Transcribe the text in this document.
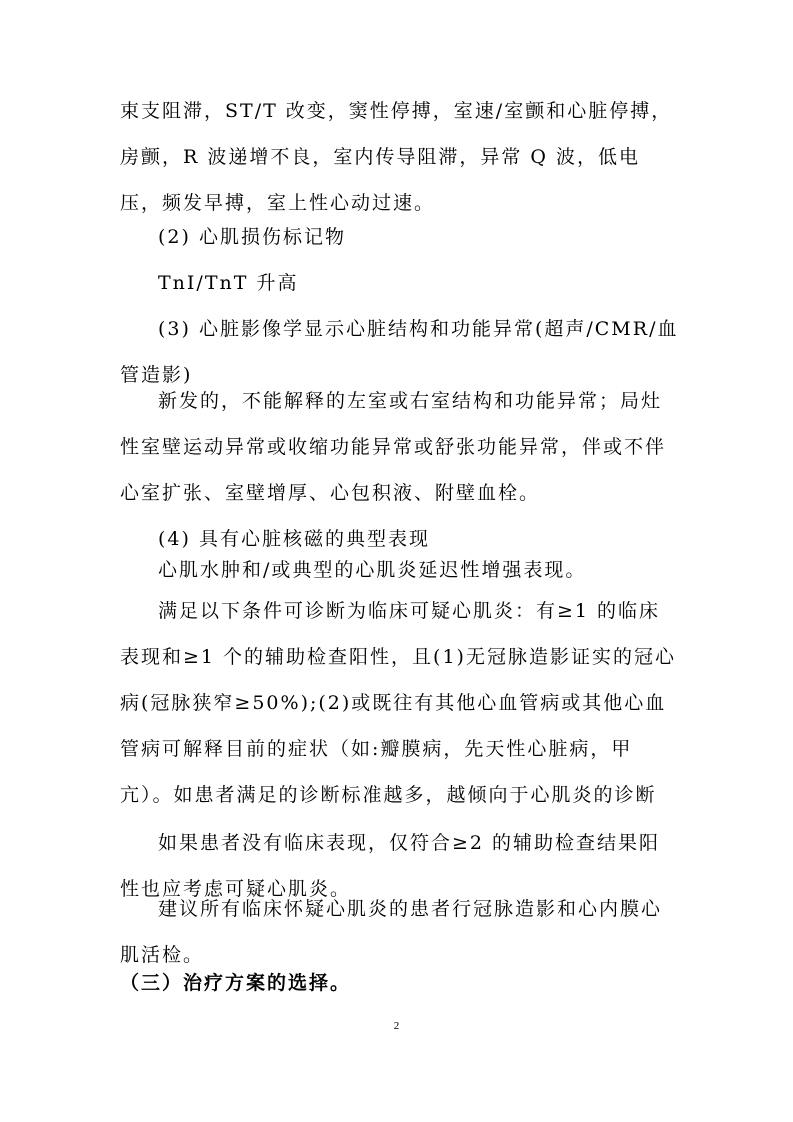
束支阻滞，ST/T 改变，窦性停搏，室速/室颤和心脏停搏，房颤，R 波递增不良，室内传导阻滞，异常 Q 波，低电压，频发早搏，室上性心动过速。

(2) 心肌损伤标记物

TnI/TnT 升高

(3) 心脏影像学显示心脏结构和功能异常(超声/CMR/血管造影)

新发的，不能解释的左室或右室结构和功能异常；局灶性室壁运动异常或收缩功能异常或舒张功能异常，伴或不伴心室扩张、室壁增厚、心包积液、附壁血栓。

(4) 具有心脏核磁的典型表现

心肌水肿和/或典型的心肌炎延迟性增强表现。

满足以下条件可诊断为临床可疑心肌炎：有≥1 的临床表现和≥1 个的辅助检查阳性，且(1)无冠脉造影证实的冠心病(冠脉狭窄≥50%);(2)或既往有其他心血管病或其他心血管病可解释目前的症状（如:瓣膜病，先天性心脏病，甲亢）。如患者满足的诊断标准越多，越倾向于心肌炎的诊断

如果患者没有临床表现，仅符合≥2 的辅助检查结果阳性也应考虑可疑心肌炎。

建议所有临床怀疑心肌炎的患者行冠脉造影和心内膜心肌活检。

（三）治疗方案的选择。

2
